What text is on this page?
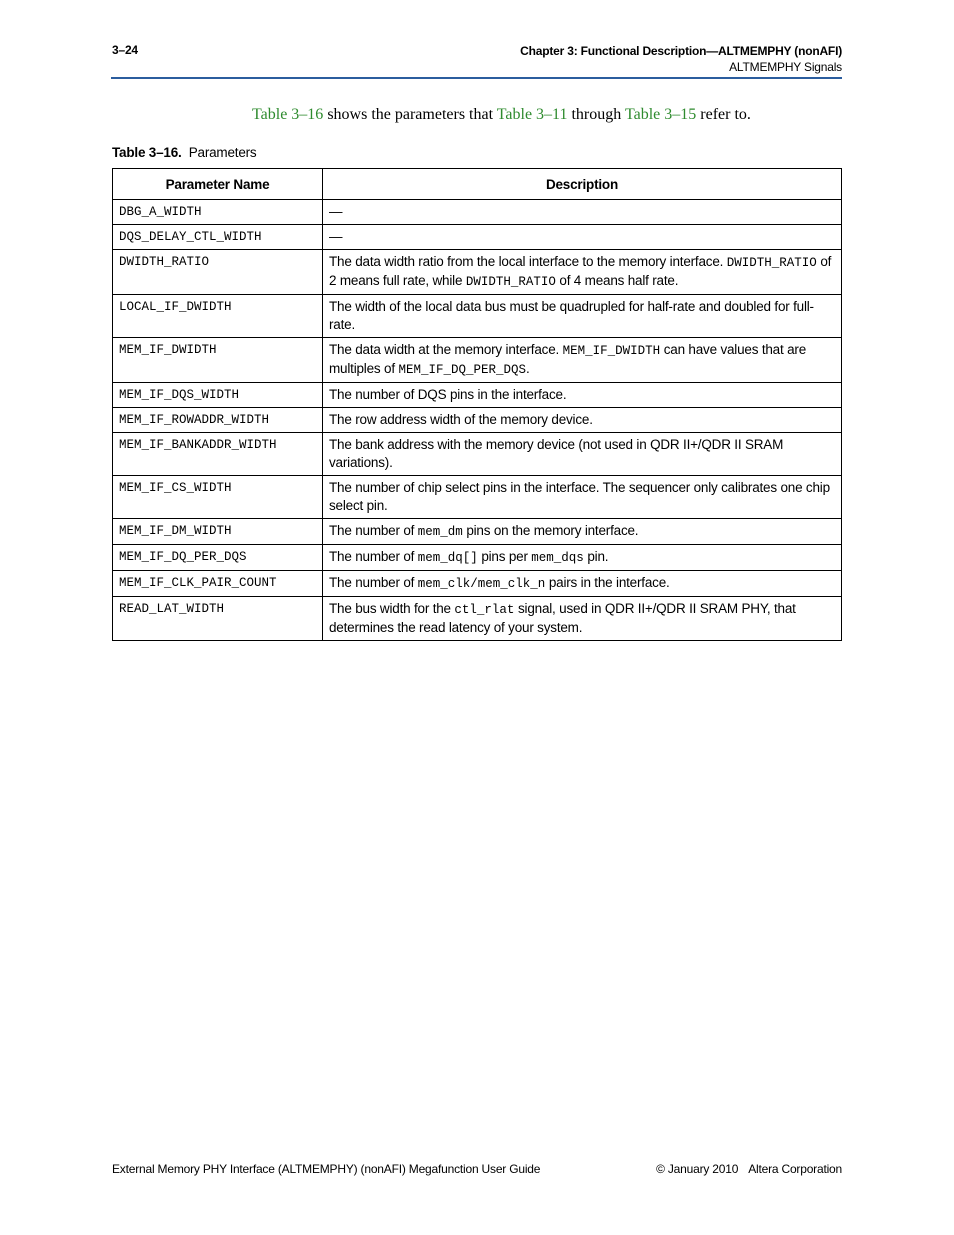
3–24	Chapter 3: Functional Description—ALTMEMPHY (nonAFI)
ALTMEMPHY Signals
Table 3–16 shows the parameters that Table 3–11 through Table 3–15 refer to.
Table 3–16. Parameters
Parameter Name	Description
DBG_A_WIDTH	—
DQS_DELAY_CTL_WIDTH	—
DWIDTH_RATIO	The data width ratio from the local interface to the memory interface. DWIDTH_RATIO of 2 means full rate, while DWIDTH_RATIO of 4 means half rate.
LOCAL_IF_DWIDTH	The width of the local data bus must be quadrupled for half-rate and doubled for full-rate.
MEM_IF_DWIDTH	The data width at the memory interface. MEM_IF_DWIDTH can have values that are multiples of MEM_IF_DQ_PER_DQS.
MEM_IF_DQS_WIDTH	The number of DQS pins in the interface.
MEM_IF_ROWADDR_WIDTH	The row address width of the memory device.
MEM_IF_BANKADDR_WIDTH	The bank address with the memory device (not used in QDR II+/QDR II SRAM variations).
MEM_IF_CS_WIDTH	The number of chip select pins in the interface. The sequencer only calibrates one chip select pin.
MEM_IF_DM_WIDTH	The number of mem_dm pins on the memory interface.
MEM_IF_DQ_PER_DQS	The number of mem_dq[] pins per mem_dqs pin.
MEM_IF_CLK_PAIR_COUNT	The number of mem_clk/mem_clk_n pairs in the interface.
READ_LAT_WIDTH	The bus width for the ctl_rlat signal, used in QDR II+/QDR II SRAM PHY, that determines the read latency of your system.
External Memory PHY Interface (ALTMEMPHY) (nonAFI) Megafunction User Guide	© January 2010 Altera Corporation
